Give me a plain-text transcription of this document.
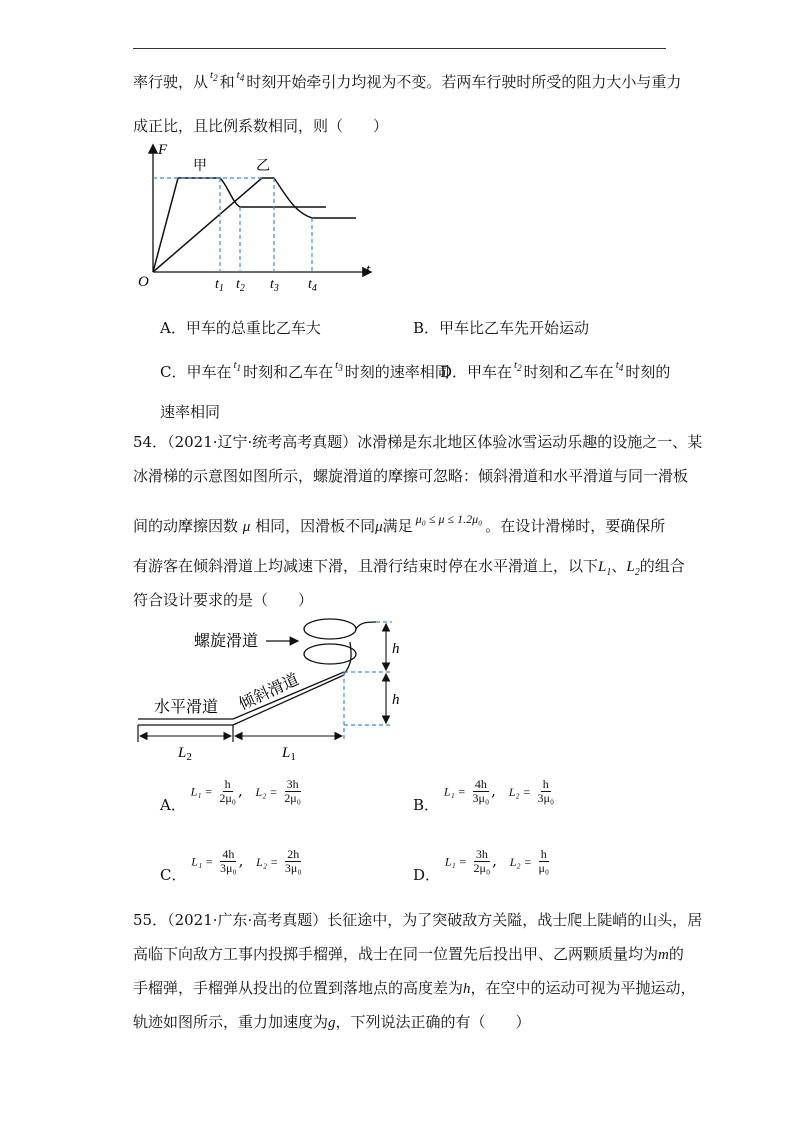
率行驶，从 $^{t_2}$ 和 $^{t_4}$ 时刻开始牵引力均视为不变。若两车行驶时所受的阻力大小与重力
成正比，且比例系数相同，则（　　）
F
t
O
甲	乙
$t_1$ $t_2$ $t_3$ $t_4$
A．甲车的总重比乙车大	B．甲车比乙车先开始运动
C．甲车在 $^{t_1}$ 时刻和乙车在 $^{t_3}$ 时刻的速率相同
D．甲车在 $^{t_2}$ 时刻和乙车在 $^{t_4}$ 时刻的
速率相同
54．（2021·辽宁·统考高考真题）冰滑梯是东北地区体验冰雪运动乐趣的设施之一、某
冰滑梯的示意图如图所示，螺旋滑道的摩擦可忽略：倾斜滑道和水平滑道与同一滑板
间的动摩擦因数 μ 相同，因滑板不同μ满足 $^{\mu_0 \le \mu \le 1.2\mu_0}$ 。在设计滑梯时，要确保所
有游客在倾斜滑道上均减速下滑，且滑行结束时停在水平滑道上，以下$L_1$、$L_2$的组合
符合设计要求的是（　　）
螺旋滑道
倾斜滑道
水平滑道
h
h
$L_2$	$L_1$
A． $L_1 = \frac{h}{\text{2μ₀}}$ , $L_2 = \frac{3h}{\text{2μ₀}}$	B． $L_1 = \frac{4h}{\text{3μ₀}}$ , $L_2 = \frac{h}{\text{3μ₀}}$
C． $L_1 = \frac{4h}{\text{3μ₀}}$ , $L_2 = \frac{2h}{\text{3μ₀}}$	D． $L_1 = \frac{3h}{\text{2μ₀}}$ , $L_2 = \frac{h}{\text{μ₀}}$
55．（2021·广东·高考真题）长征途中，为了突破敌方关隘，战士爬上陡峭的山头，居
高临下向敌方工事内投掷手榴弹，战士在同一位置先后投出甲、乙两颗质量均为m的
手榴弹，手榴弹从投出的位置到落地点的高度差为h，在空中的运动可视为平抛运动，
轨迹如图所示，重力加速度为g，下列说法正确的有（　　）
